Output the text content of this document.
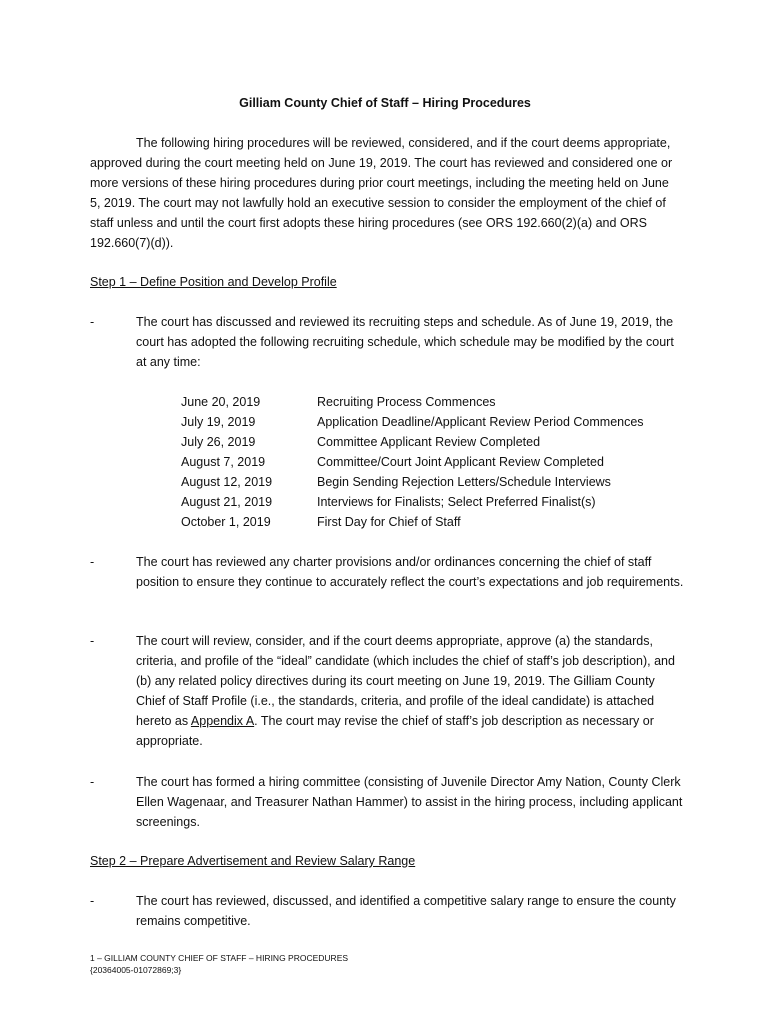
Gilliam County Chief of Staff – Hiring Procedures
The following hiring procedures will be reviewed, considered, and if the court deems appropriate, approved during the court meeting held on June 19, 2019. The court has reviewed and considered one or more versions of these hiring procedures during prior court meetings, including the meeting held on June 5, 2019. The court may not lawfully hold an executive session to consider the employment of the chief of staff unless and until the court first adopts these hiring procedures (see ORS 192.660(2)(a) and ORS 192.660(7)(d)).
Step 1 – Define Position and Develop Profile
-	The court has discussed and reviewed its recruiting steps and schedule. As of June 19, 2019, the court has adopted the following recruiting schedule, which schedule may be modified by the court at any time:
June 20, 2019	Recruiting Process Commences
July 19, 2019	Application Deadline/Applicant Review Period Commences
July 26, 2019	Committee Applicant Review Completed
August 7, 2019	Committee/Court Joint Applicant Review Completed
August 12, 2019	Begin Sending Rejection Letters/Schedule Interviews
August 21, 2019	Interviews for Finalists; Select Preferred Finalist(s)
October 1, 2019	First Day for Chief of Staff
-	The court has reviewed any charter provisions and/or ordinances concerning the chief of staff position to ensure they continue to accurately reflect the court’s expectations and job requirements.
-	The court will review, consider, and if the court deems appropriate, approve (a) the standards, criteria, and profile of the “ideal” candidate (which includes the chief of staff’s job description), and (b) any related policy directives during its court meeting on June 19, 2019. The Gilliam County Chief of Staff Profile (i.e., the standards, criteria, and profile of the ideal candidate) is attached hereto as Appendix A. The court may revise the chief of staff’s job description as necessary or appropriate.
-	The court has formed a hiring committee (consisting of Juvenile Director Amy Nation, County Clerk Ellen Wagenaar, and Treasurer Nathan Hammer) to assist in the hiring process, including applicant screenings.
Step 2 – Prepare Advertisement and Review Salary Range
-	The court has reviewed, discussed, and identified a competitive salary range to ensure the county remains competitive.
1 – GILLIAM COUNTY CHIEF OF STAFF – HIRING PROCEDURES
{20364005-01072869;3}
